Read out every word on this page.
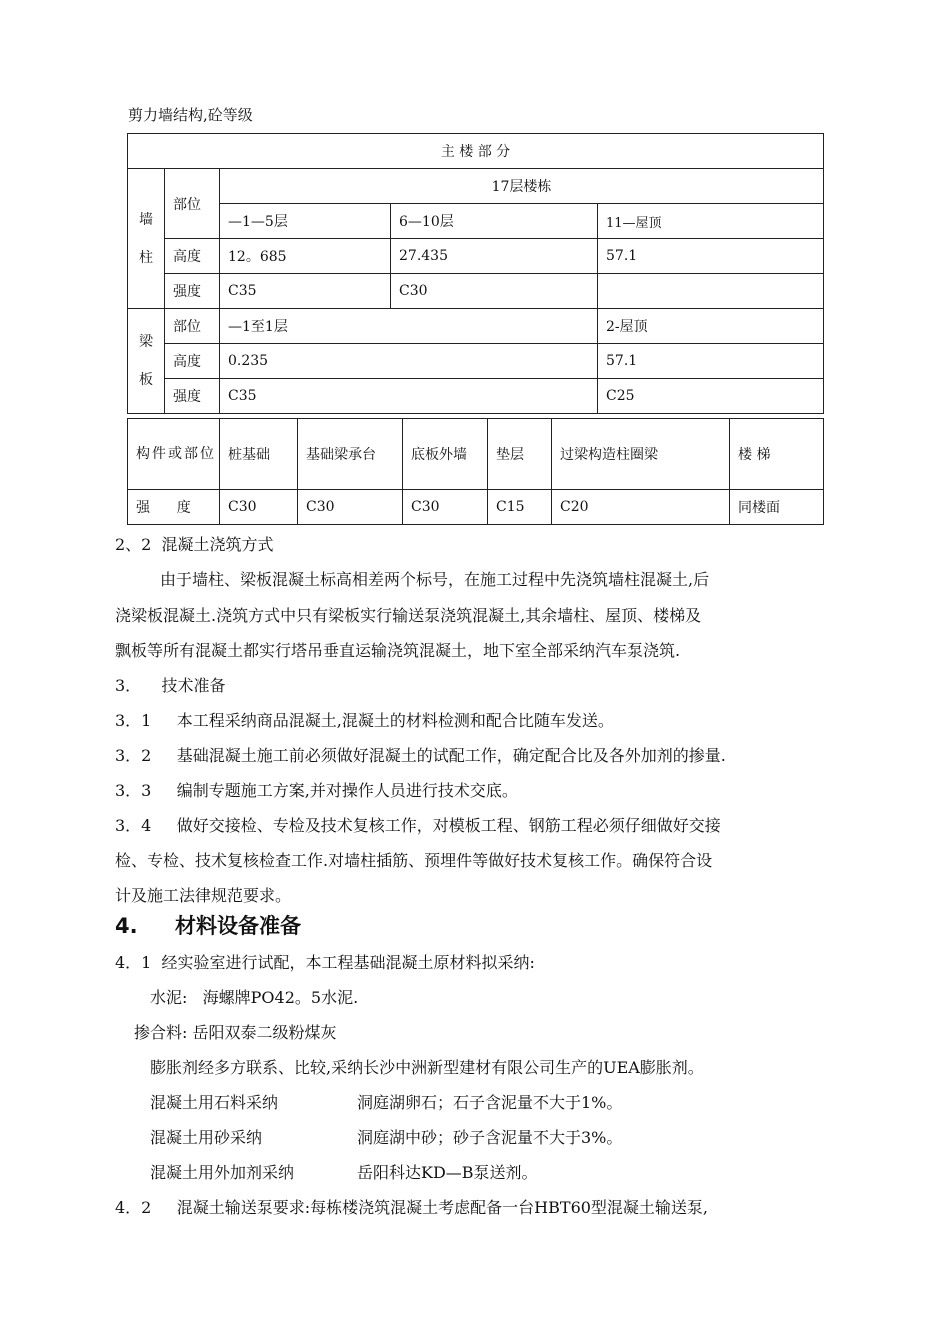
剪力墙结构,砼等级
主 楼 部 分				
墙
柱	部位	17层楼栋		
		—1—5层	6—10层	11—屋顶
	高度	12。685	27.435	57.1
	强度	C35	C30	
梁
板	部位	—1至1层		2-屋顶
	高度	0.235		57.1
	强度	C35		C25
构件或部位	桩基础	基础梁承台	底板外墙	垫层	过梁构造柱圈梁	楼 梯
强      度	C30	C30	C30	C15	C20	同楼面
2、2  混凝土浇筑方式
由于墙柱、梁板混凝土标高相差两个标号，在施工过程中先浇筑墙柱混凝土,后
浇梁板混凝土.浇筑方式中只有梁板实行输送泵浇筑混凝土,其余墙柱、屋顶、楼梯及
飘板等所有混凝土都实行塔吊垂直运输浇筑混凝土，地下室全部采纳汽车泵浇筑.
3．    技术准备
3．1     本工程采纳商品混凝土,混凝土的材料检测和配合比随车发送。
3．2     基础混凝土施工前必须做好混凝土的试配工作，确定配合比及各外加剂的掺量.
3．3     编制专题施工方案,并对操作人员进行技术交底。
3．4     做好交接检、专检及技术复核工作，对模板工程、钢筋工程必须仔细做好交接
检、专检、技术复核检查工作.对墙柱插筋、预埋件等做好技术复核工作。确保符合设
计及施工法律规范要求。
4. 材料设备准备
4．1  经实验室进行试配，本工程基础混凝土原材料拟采纳:
水泥:   海螺牌PO42。5水泥.
掺合料: 岳阳双泰二级粉煤灰
膨胀剂经多方联系、比较,采纳长沙中洲新型建材有限公司生产的UEA膨胀剂。
混凝土用石料采纳	洞庭湖卵石；石子含泥量不大于1%。
混凝土用砂采纳	洞庭湖中砂；砂子含泥量不大于3%。
混凝土用外加剂采纳	岳阳科达KD—B泵送剂。
4．2     混凝土输送泵要求:每栋楼浇筑混凝土考虑配备一台HBT60型混凝土输送泵,
